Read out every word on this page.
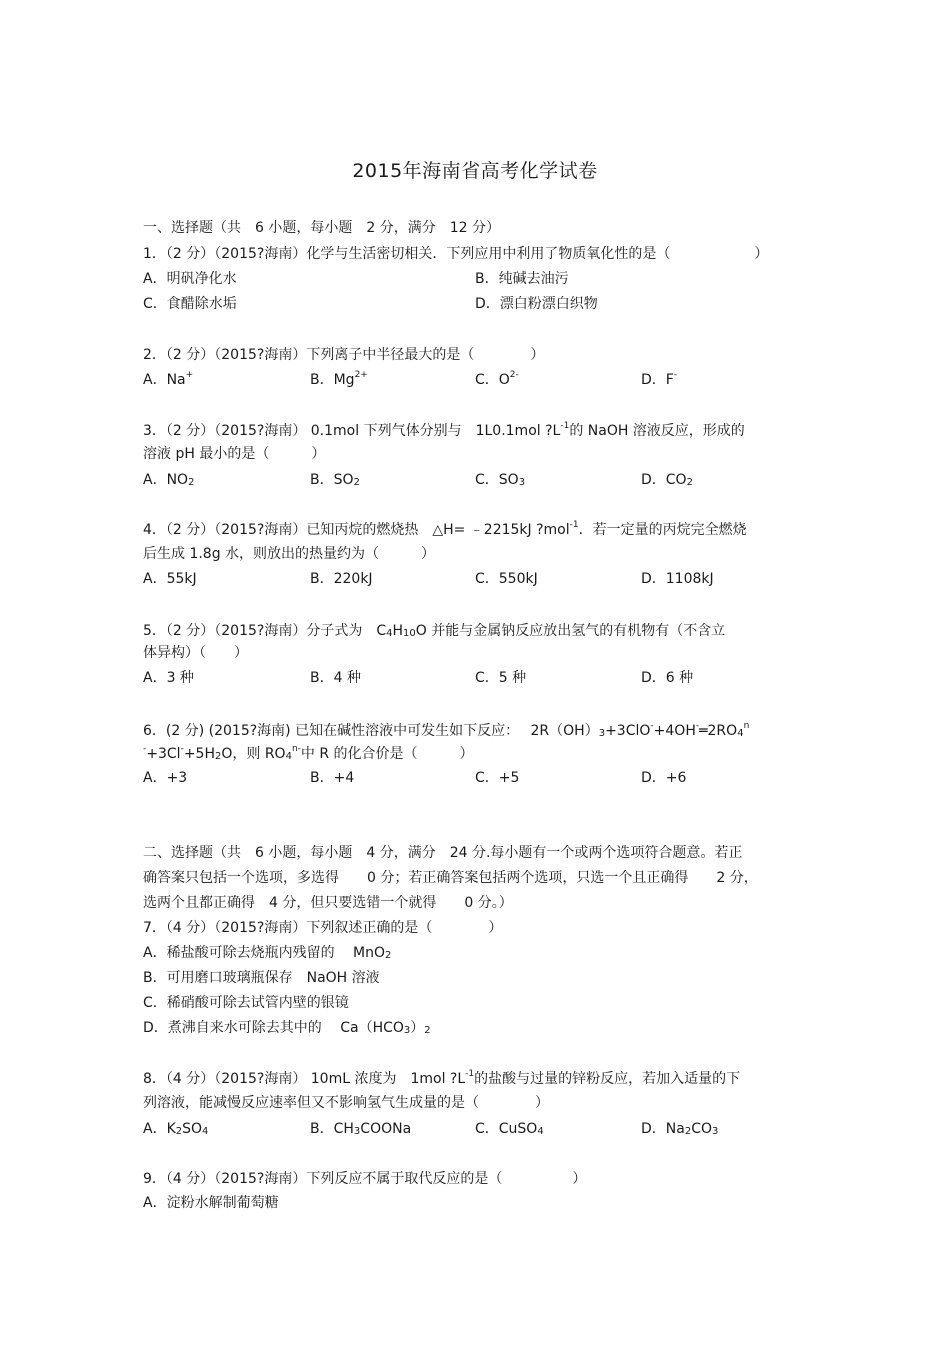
2015年海南省高考化学试卷
一、选择题（共　6 小题，每小题　2 分，满分　12 分）
1．（2 分）（2015?海南）化学与生活密切相关．下列应用中利用了物质氧化性的是（　　　　　　）
A．明矾净化水	B．纯碱去油污
C．食醋除水垢	D．漂白粉漂白织物
2．（2 分）（2015?海南）下列离子中半径最大的是（　　　　）
A．Na+	B．$Mg^{2+}$	C．$O^{2-}$	D．F-
3．（2 分）（2015?海南） 0.1mol 下列气体分别与　1L0.1mol $?L^{-1}$的 NaOH 溶液反应，形成的
溶液 pH 最小的是（　　　）
A．$NO_2$	B．$SO_2$	C．$SO_3$	D．$CO_2$
4．（2 分）（2015?海南）已知丙烷的燃烧热　△H= ﹣2215kJ ?mol$^{-1}$．若一定量的丙烷完全燃烧
后生成 1.8g 水，则放出的热量约为（　　　）
A．55kJ	B．220kJ	C．550kJ	D．1108kJ
5．（2 分）（2015?海南）分子式为　$C_4H_{10}O$ 并能与金属钠反应放出氢气的有机物有（不含立
体异构）（　　）
A．3 种	B．4 种	C．5 种	D．6 种
6．(2 分) (2015?海南) 已知在碱性溶液中可发生如下反应：　 $2R(OH)_3+3ClO^-+4OH^-═2RO_4^n$
$^-+3Cl^-+5H_2O$，则 $RO_4^{n-}$中 R 的化合价是（　　　）
A．+3	B．+4	C．+5	D．+6
二、选择题（共　6 小题，每小题　4 分，满分　24 分.每小题有一个或两个选项符合题意。若正
确答案只包括一个选项，多选得　　0 分；若正确答案包括两个选项，只选一个且正确得　　2 分，
选两个且都正确得　4 分，但只要选错一个就得　　0 分。）
7．（4 分）（2015?海南）下列叙述正确的是（　　　　）
A．稀盐酸可除去烧瓶内残留的　 MnO$_2$
B．可用磨口玻璃瓶保存　NaOH 溶液
C．稀硝酸可除去试管内壁的银镜
D．煮沸自来水可除去其中的　 $Ca(HCO_3)_2$
8．（4 分）（2015?海南） 10mL 浓度为　1mol $?L^{-1}$的盐酸与过量的锌粉反应，若加入适量的下
列溶液，能减慢反应速率但又不影响氢气生成量的是（　　　　）
A．$K_2SO_4$	B．$CH_3COONa$	C．CuSO$_4$	D．$Na_2CO_3$
9．（4 分）（2015?海南）下列反应不属于取代反应的是（　　　　　）
A．淀粉水解制葡萄糖
